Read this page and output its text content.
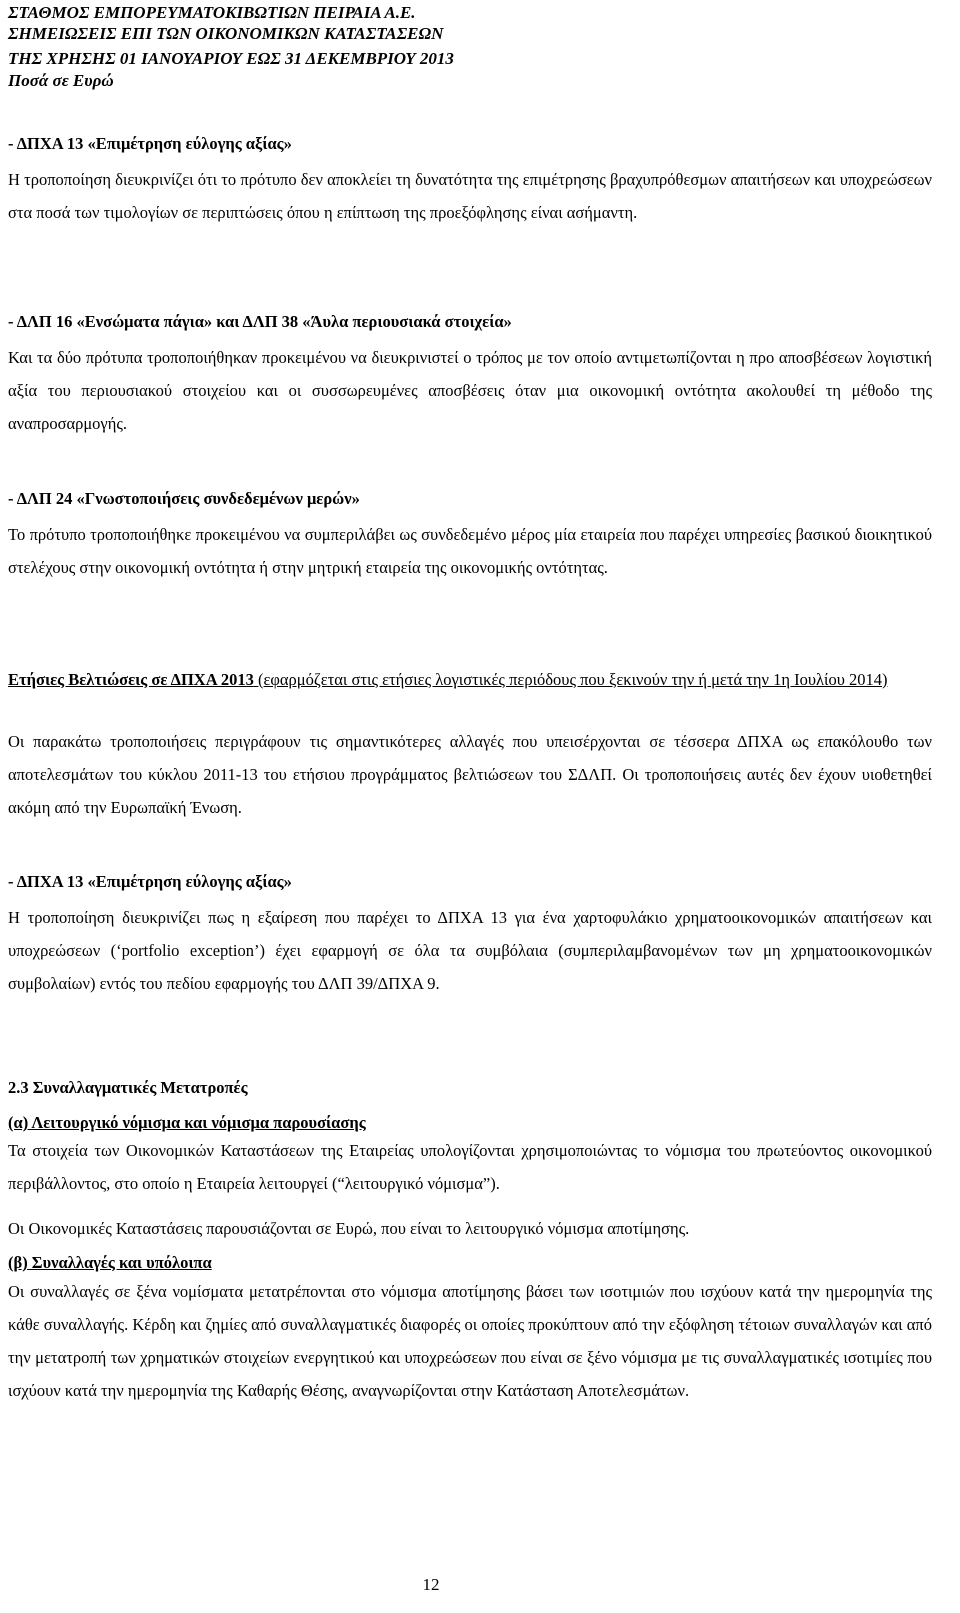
ΣΤΑΘΜΟΣ ΕΜΠΟΡΕΥΜΑΤΟΚΙΒΩΤΙΩΝ ΠΕΙΡΑΙΑ Α.Ε.
ΣΗΜΕΙΩΣΕΙΣ ΕΠΙ ΤΩΝ ΟΙΚΟΝΟΜΙΚΩΝ ΚΑΤΑΣΤΑΣΕΩΝ
ΤΗΣ ΧΡΗΣΗΣ 01 ΙΑΝΟΥΑΡΙΟΥ ΕΩΣ 31 ΔΕΚΕΜΒΡΙΟΥ 2013
Ποσά σε Ευρώ
- ΔΠΧΑ 13 «Επιμέτρηση εύλογης αξίας»
Η τροποποίηση διευκρινίζει ότι το πρότυπο δεν αποκλείει τη δυνατότητα της επιμέτρησης βραχυπρόθεσμων απαιτήσεων και υποχρεώσεων στα ποσά των τιμολογίων σε περιπτώσεις όπου η επίπτωση της προεξόφλησης είναι ασήμαντη.
- ΔΛΠ 16 «Ενσώματα πάγια» και ΔΛΠ 38 «Άυλα περιουσιακά στοιχεία»
Και τα δύο πρότυπα τροποποιήθηκαν προκειμένου να διευκρινιστεί ο τρόπος με τον οποίο αντιμετωπίζονται η προ αποσβέσεων λογιστική αξία του περιουσιακού στοιχείου και οι συσσωρευμένες αποσβέσεις όταν μια οικονομική οντότητα ακολουθεί τη μέθοδο της αναπροσαρμογής.
- ΔΛΠ 24 «Γνωστοποιήσεις συνδεδεμένων μερών»
Το πρότυπο τροποποιήθηκε προκειμένου να συμπεριλάβει ως συνδεδεμένο μέρος μία εταιρεία που παρέχει υπηρεσίες βασικού διοικητικού στελέχους στην οικονομική οντότητα ή στην μητρική εταιρεία της οικονομικής οντότητας.
Ετήσιες Βελτιώσεις σε ΔΠΧΑ 2013 (εφαρμόζεται στις ετήσιες λογιστικές περιόδους που ξεκινούν την ή μετά την 1η Ιουλίου 2014)
Οι παρακάτω τροποποιήσεις περιγράφουν τις σημαντικότερες αλλαγές που υπεισέρχονται σε τέσσερα ΔΠΧΑ ως επακόλουθο των αποτελεσμάτων του κύκλου 2011-13 του ετήσιου προγράμματος βελτιώσεων του ΣΔΛΠ. Οι τροποποιήσεις αυτές δεν έχουν υιοθετηθεί ακόμη από την Ευρωπαϊκή Ένωση.
- ΔΠΧΑ 13 «Επιμέτρηση εύλογης αξίας»
Η τροποποίηση διευκρινίζει πως η εξαίρεση που παρέχει το ΔΠΧΑ 13 για ένα χαρτοφυλάκιο χρηματοοικονομικών απαιτήσεων και υποχρεώσεων (‘portfolio exception’) έχει εφαρμογή σε όλα τα συμβόλαια (συμπεριλαμβανομένων των μη χρηματοοικονομικών συμβολαίων) εντός του πεδίου εφαρμογής του ΔΛΠ 39/ΔΠΧΑ 9.
2.3 Συναλλαγματικές Μετατροπές
(α) Λειτουργικό νόμισμα και νόμισμα παρουσίασης
Τα στοιχεία των Οικονομικών Καταστάσεων της Εταιρείας υπολογίζονται χρησιμοποιώντας το νόμισμα του πρωτεύοντος οικονομικού περιβάλλοντος, στο οποίο η Εταιρεία λειτουργεί (“λειτουργικό νόμισμα”).
Οι Οικονομικές Καταστάσεις παρουσιάζονται σε Ευρώ, που είναι το λειτουργικό νόμισμα αποτίμησης.
(β) Συναλλαγές και υπόλοιπα
Οι συναλλαγές σε ξένα νομίσματα μετατρέπονται στο νόμισμα αποτίμησης βάσει των ισοτιμιών που ισχύουν κατά την ημερομηνία της κάθε συναλλαγής. Κέρδη και ζημίες από συναλλαγματικές διαφορές οι οποίες προκύπτουν από την εξόφληση τέτοιων συναλλαγών και από την μετατροπή των χρηματικών στοιχείων ενεργητικού και υποχρεώσεων που είναι σε ξένο νόμισμα με τις συναλλαγματικές ισοτιμίες που ισχύουν κατά την ημερομηνία της Καθαρής Θέσης, αναγνωρίζονται στην Κατάσταση Αποτελεσμάτων.
12
